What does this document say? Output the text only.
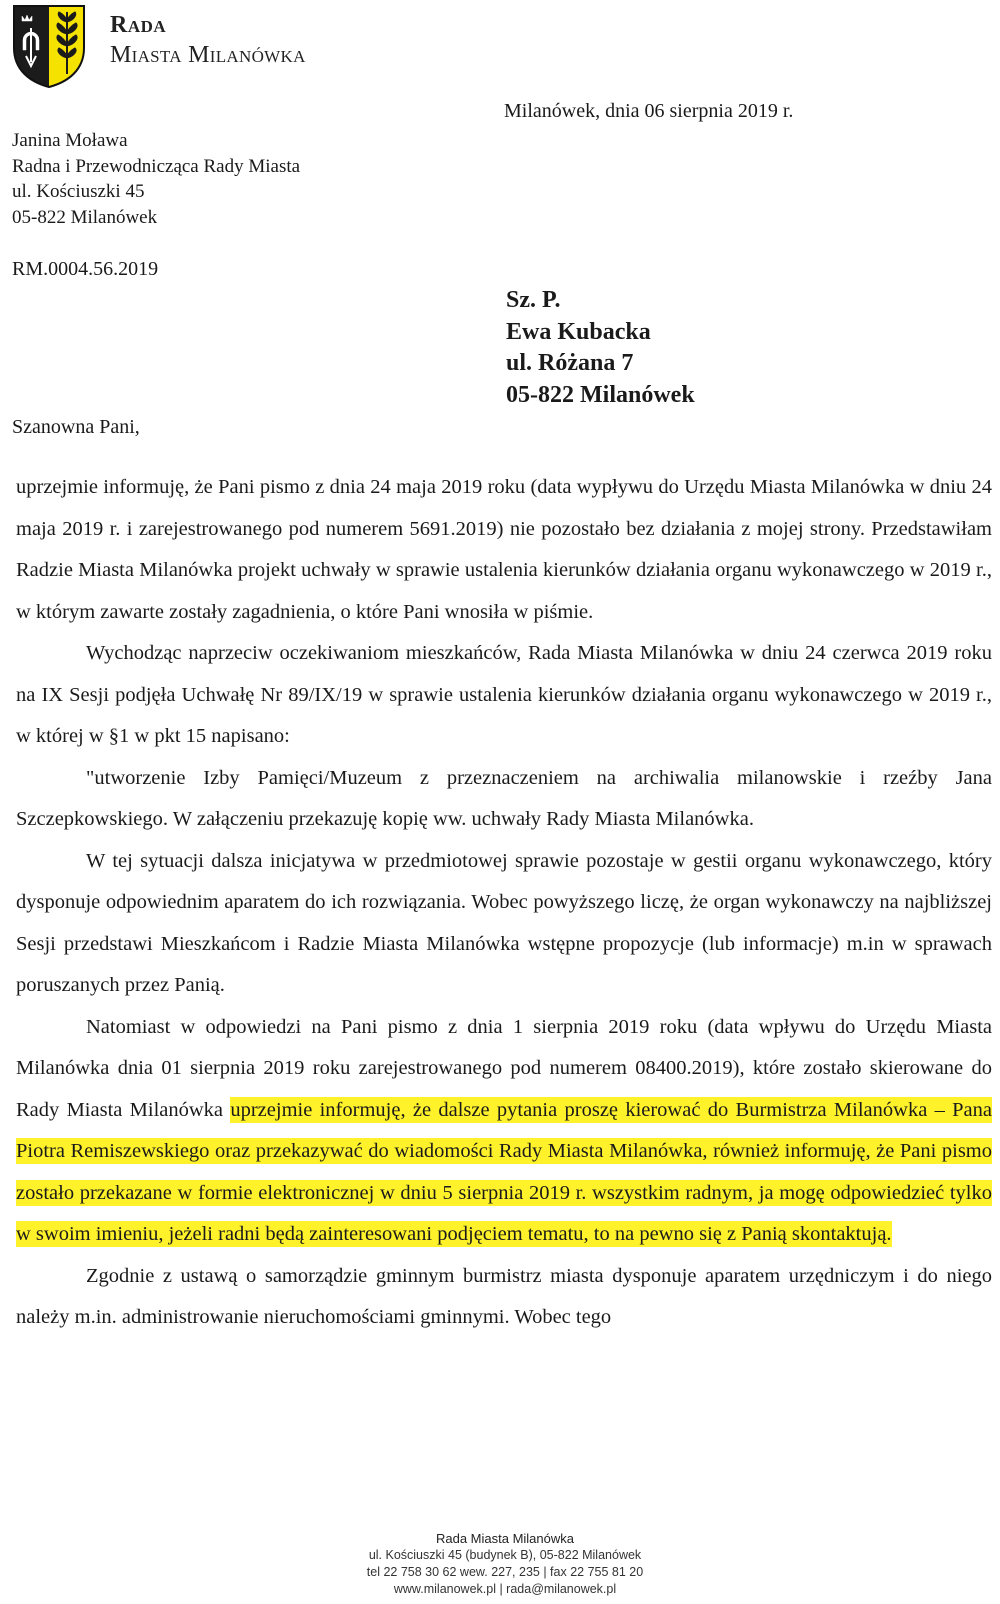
Rada
Miasta Milanówka
Milanówek, dnia 06 sierpnia 2019 r.
Janina Moława
Radna i Przewodnicząca Rady Miasta
ul. Kościuszki 45
05-822 Milanówek
RM.0004.56.2019
Sz. P.
Ewa Kubacka
ul. Różana 7
05-822 Milanówek
Szanowna Pani,

uprzejmie informuję, że Pani pismo z dnia 24 maja 2019 roku (data wypływu do Urzędu Miasta Milanówka w dniu 24 maja 2019 r. i zarejestrowanego pod numerem 5691.2019) nie pozostało bez działania z mojej strony. Przedstawiłam Radzie Miasta Milanówka projekt uchwały w sprawie ustalenia kierunków działania organu wykonawczego w 2019 r., w którym zawarte zostały zagadnienia, o które Pani wnosiła w piśmie.

Wychodząc naprzeciw oczekiwaniom mieszkańców, Rada Miasta Milanówka w dniu 24 czerwca 2019 roku na IX Sesji podjęła Uchwałę Nr 89/IX/19 w sprawie ustalenia kierunków działania organu wykonawczego w 2019 r., w której w §1 w pkt 15 napisano:

"utworzenie Izby Pamięci/Muzeum z przeznaczeniem na archiwalia milanowskie i rzeźby Jana Szczepkowskiego. W załączeniu przekazuję kopię ww. uchwały Rady Miasta Milanówka.

W tej sytuacji dalsza inicjatywa w przedmiotowej sprawie pozostaje w gestii organu wykonawczego, który dysponuje odpowiednim aparatem do ich rozwiązania. Wobec powyższego liczę, że organ wykonawczy na najbliższej Sesji przedstawi Mieszkańcom i Radzie Miasta Milanówka wstępne propozycje (lub informacje) m.in w sprawach poruszanych przez Panią.

Natomiast w odpowiedzi na Pani pismo z dnia 1 sierpnia 2019 roku (data wpływu do Urzędu Miasta Milanówka dnia 01 sierpnia 2019 roku zarejestrowanego pod numerem 08400.2019), które zostało skierowane do Rady Miasta Milanówka uprzejmie informuję, że dalsze pytania proszę kierować do Burmistrza Milanówka – Pana Piotra Remiszewskiego oraz przekazywać do wiadomości Rady Miasta Milanówka, również informuję, że Pani pismo zostało przekazane w formie elektronicznej w dniu 5 sierpnia 2019 r. wszystkim radnym, ja mogę odpowiedzieć tylko w swoim imieniu, jeżeli radni będą zainteresowani podjęciem tematu, to na pewno się z Panią skontaktują.

Zgodnie z ustawą o samorządzie gminnym burmistrz miasta dysponuje aparatem urzędniczym i do niego należy m.in. administrowanie nieruchomościami gminnymi. Wobec tego

Rada Miasta Milanówka
ul. Kościuszki 45 (budynek B), 05-822 Milanówek
tel 22 758 30 62 wew. 227, 235 | fax 22 755 81 20
www.milanowek.pl | rada@milanowek.pl
